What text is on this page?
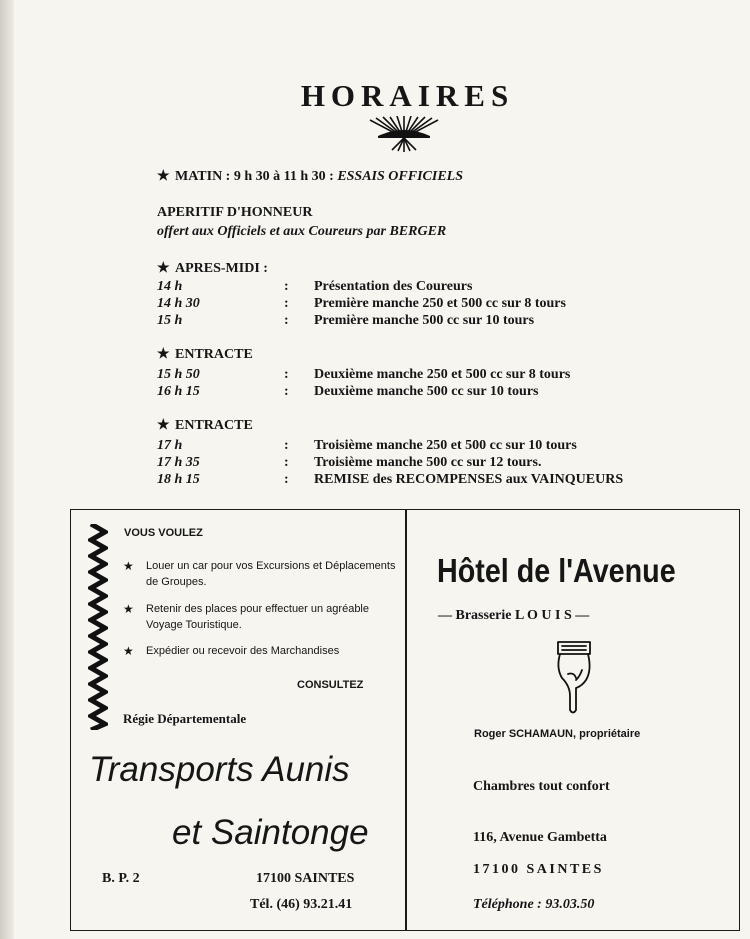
HORAIRES
★ MATIN : 9 h 30 à 11 h 30 : ESSAIS OFFICIELS
APERITIF D'HONNEUR
offert aux Officiels et aux Coureurs par BERGER
★ APRES-MIDI :
14 h	: Présentation des Coureurs
14 h 30	: Première manche 250 et 500 cc sur 8 tours
15 h	: Première manche 500 cc sur 10 tours
★ ENTRACTE
15 h 50	: Deuxième manche 250 et 500 cc sur 8 tours
16 h 15	: Deuxième manche 500 cc sur 10 tours
★ ENTRACTE
17 h	: Troisième manche 250 et 500 cc sur 10 tours
17 h 35	: Troisième manche 500 cc sur 12 tours.
18 h 15	: REMISE des RECOMPENSES aux VAINQUEURS
VOUS VOULEZ
★ Louer un car pour vos Excursions et Déplacements de Groupes.
★ Retenir des places pour effectuer un agréable Voyage Touristique.
★ Expédier ou recevoir des Marchandises
CONSULTEZ
Régie Départementale
Transports Aunis
et Saintonge
B. P. 2	17100 SAINTES
Tél. (46) 93.21.41
Hôtel de l'Avenue
— Brasserie L O U I S —
Roger SCHAMAUN, propriétaire
Chambres tout confort
116, Avenue Gambetta
17100 SAINTES
Téléphone : 93.03.50
